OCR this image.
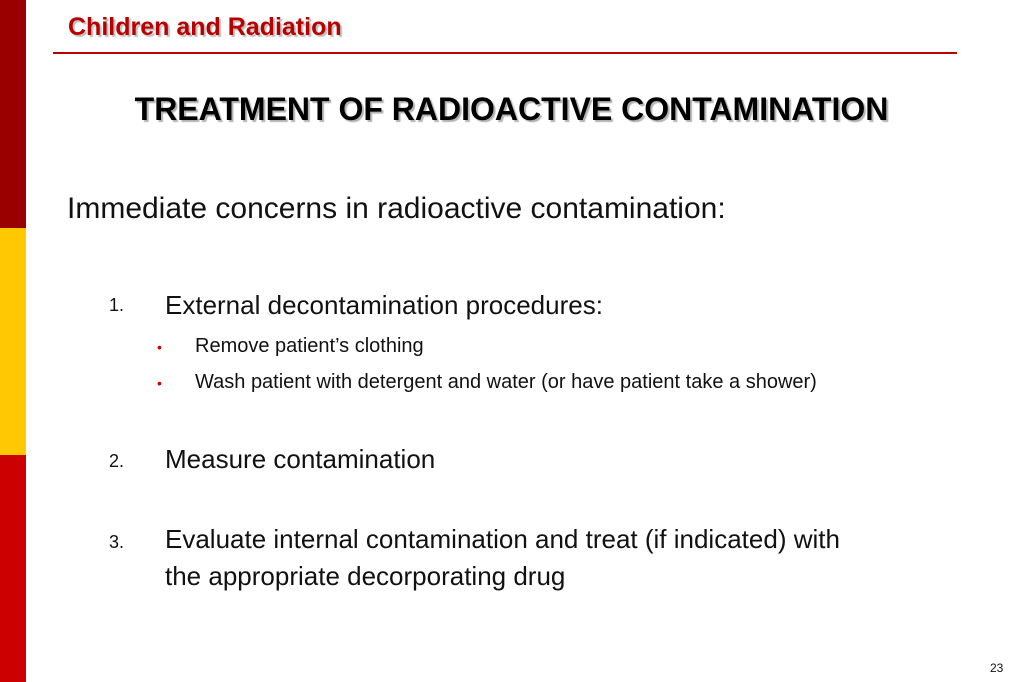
Children and Radiation
TREATMENT OF RADIOACTIVE CONTAMINATION
Immediate concerns in radioactive contamination:
1. External decontamination procedures:
• Remove patient’s clothing
• Wash patient with detergent and water (or have patient take a shower)
2. Measure contamination
3. Evaluate internal contamination and treat (if indicated) with
the appropriate decorporating drug
23
